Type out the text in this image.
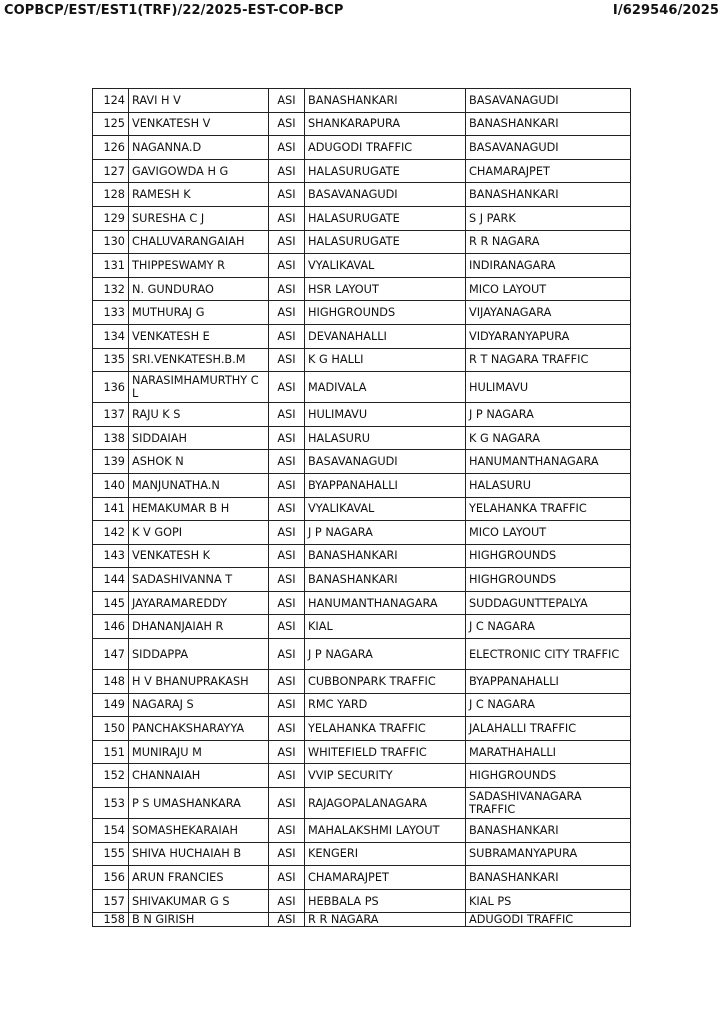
COPBCP/EST/EST1(TRF)/22/2025-EST-COP-BCP	I/629546/2025
124	RAVI H V	ASI	BANASHANKARI	BASAVANAGUDI
125	VENKATESH V	ASI	SHANKARAPURA	BANASHANKARI
126	NAGANNA.D	ASI	ADUGODI TRAFFIC	BASAVANAGUDI
127	GAVIGOWDA H G	ASI	HALASURUGATE	CHAMARAJPET
128	RAMESH K	ASI	BASAVANAGUDI	BANASHANKARI
129	SURESHA C J	ASI	HALASURUGATE	S J PARK
130	CHALUVARANGAIAH	ASI	HALASURUGATE	R R NAGARA
131	THIPPESWAMY R	ASI	VYALIKAVAL	INDIRANAGARA
132	N. GUNDURAO	ASI	HSR LAYOUT	MICO LAYOUT
133	MUTHURAJ G	ASI	HIGHGROUNDS	VIJAYANAGARA
134	VENKATESH E	ASI	DEVANAHALLI	VIDYARANYAPURA
135	SRI.VENKATESH.B.M	ASI	K G HALLI	R T NAGARA TRAFFIC
136	NARASIMHAMURTHY C L	ASI	MADIVALA	HULIMAVU
137	RAJU K S	ASI	HULIMAVU	J P NAGARA
138	SIDDAIAH	ASI	HALASURU	K G NAGARA
139	ASHOK N	ASI	BASAVANAGUDI	HANUMANTHANAGARA
140	MANJUNATHA.N	ASI	BYAPPANAHALLI	HALASURU
141	HEMAKUMAR B H	ASI	VYALIKAVAL	YELAHANKA TRAFFIC
142	K V GOPI	ASI	J P NAGARA	MICO LAYOUT
143	VENKATESH K	ASI	BANASHANKARI	HIGHGROUNDS
144	SADASHIVANNA T	ASI	BANASHANKARI	HIGHGROUNDS
145	JAYARAMAREDDY	ASI	HANUMANTHANAGARA	SUDDAGUNTTEPALYA
146	DHANANJAIAH R	ASI	KIAL	J C NAGARA
147	SIDDAPPA	ASI	J P NAGARA	ELECTRONIC CITY TRAFFIC
148	H V BHANUPRAKASH	ASI	CUBBONPARK TRAFFIC	BYAPPANAHALLI
149	NAGARAJ S	ASI	RMC YARD	J C NAGARA
150	PANCHAKSHARAYYA	ASI	YELAHANKA TRAFFIC	JALAHALLI TRAFFIC
151	MUNIRAJU M	ASI	WHITEFIELD TRAFFIC	MARATHAHALLI
152	CHANNAIAH	ASI	VVIP SECURITY	HIGHGROUNDS
153	P S UMASHANKARA	ASI	RAJAGOPALANAGARA	SADASHIVANAGARA TRAFFIC
154	SOMASHEKARAIAH	ASI	MAHALAKSHMI LAYOUT	BANASHANKARI
155	SHIVA HUCHAIAH B	ASI	KENGERI	SUBRAMANYAPURA
156	ARUN FRANCIES	ASI	CHAMARAJPET	BANASHANKARI
157	SHIVAKUMAR G S	ASI	HEBBALA PS	KIAL PS
158	B N GIRISH	ASI	R R NAGARA	ADUGODI TRAFFIC
